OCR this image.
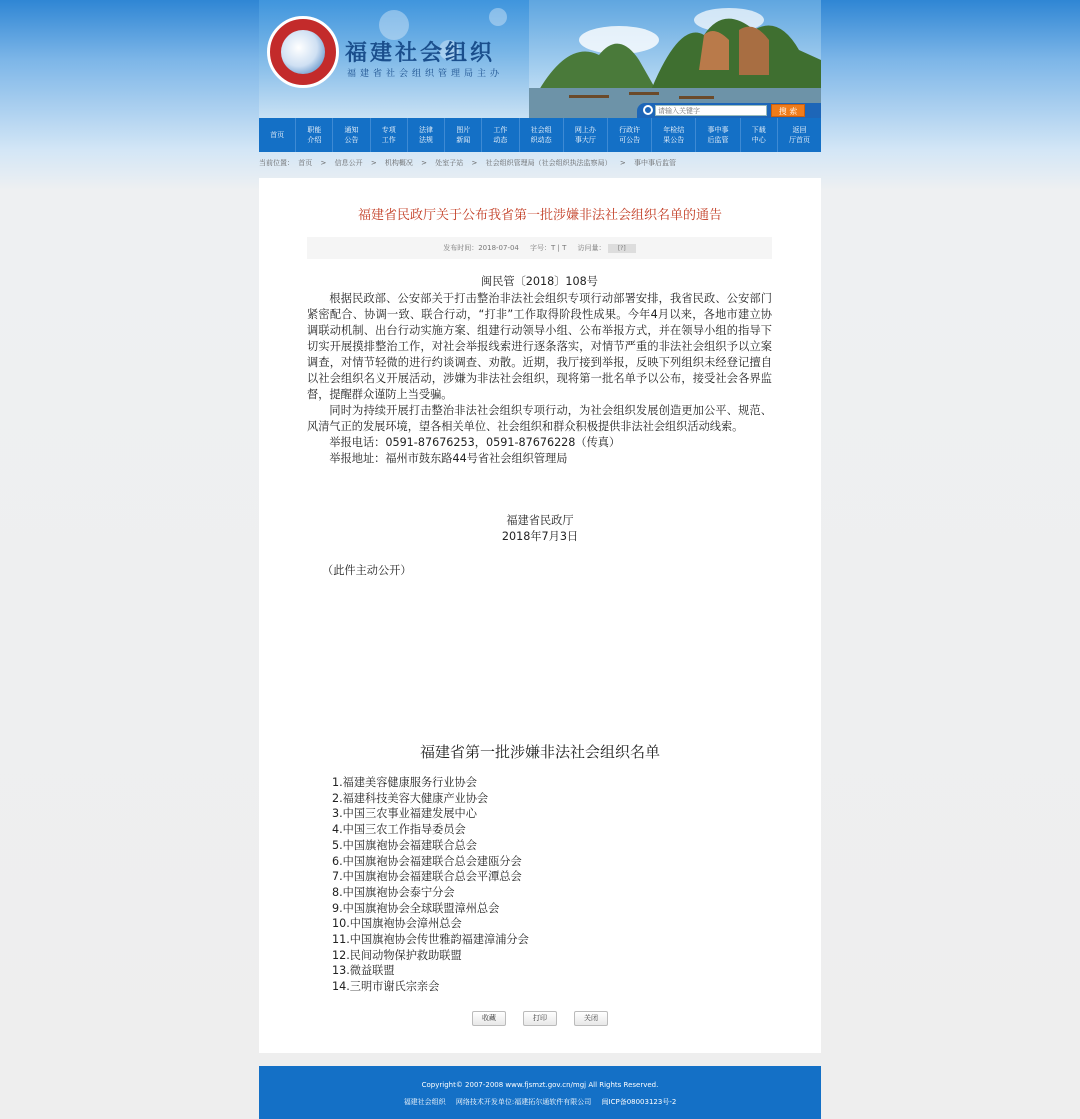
福建社会组织
福建省社会组织管理局主办
请输入关键字
搜 索
首页
职能
介绍
通知
公告
专项
工作
法律
法规
图片
新闻
工作
动态
社会组
织动态
网上办
事大厅
行政许
可公告
年检结
果公告
事中事
后监管
下载
中心
返回
厅首页
当前位置： 首页 > 信息公开 > 机构概况 > 处室子站 > 社会组织管理局（社会组织执法监察局） > 事中事后监管
福建省民政厅关于公布我省第一批涉嫌非法社会组织名单的通告
发布时间：2018-07-04 字号：T | T 访问量： [?]
闽民管〔2018〕108号

根据民政部、公安部关于打击整治非法社会组织专项行动部署安排，我省民政、公安部门紧密配合、协调一致、联合行动，“打非”工作取得阶段性成果。今年4月以来，各地市建立协调联动机制、出台行动实施方案、组建行动领导小组、公布举报方式，并在领导小组的指导下切实开展摸排整治工作，对社会举报线索进行逐条落实，对情节严重的非法社会组织予以立案调查，对情节轻微的进行约谈调查、劝散。近期，我厅接到举报，反映下列组织未经登记擅自以社会组织名义开展活动，涉嫌为非法社会组织，现将第一批名单予以公布，接受社会各界监督，提醒群众谨防上当受骗。

同时为持续开展打击整治非法社会组织专项行动，为社会组织发展创造更加公平、规范、风清气正的发展环境，望各相关单位、社会组织和群众积极提供非法社会组织活动线索。

举报电话：0591-87676253，0591-87676228（传真）

举报地址：福州市鼓东路44号省社会组织管理局

福建省民政厅
2018年7月3日
（此件主动公开）
福建省第一批涉嫌非法社会组织名单
1.福建美容健康服务行业协会
2.福建科技美容大健康产业协会
3.中国三农事业福建发展中心
4.中国三农工作指导委员会
5.中国旗袍协会福建联合总会
6.中国旗袍协会福建联合总会建瓯分会
7.中国旗袍协会福建联合总会平潭总会
8.中国旗袍协会泰宁分会
9.中国旗袍协会全球联盟漳州总会
10.中国旗袍协会漳州总会
11.中国旗袍协会传世雅韵福建漳浦分会
12.民间动物保护救助联盟
13.微益联盟
14.三明市谢氏宗亲会
收藏	打印	关闭
Copyright© 2007-2008 www.fjsmzt.gov.cn/mgj All Rights Reserved.
福建社会组织 网络技术开发单位:福建拓尔通软件有限公司 闽ICP备08003123号-2
